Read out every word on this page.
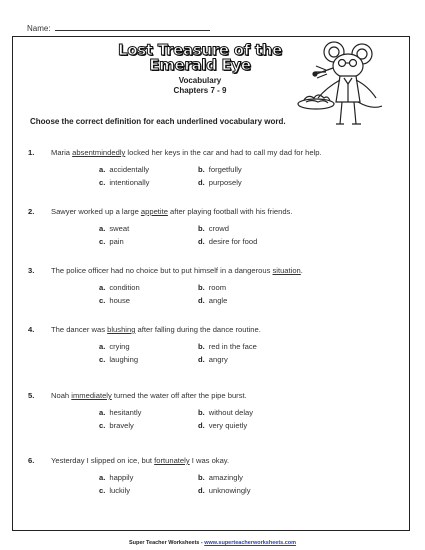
Name:
Lost Treasure of the
Emerald Eye
Vocabulary
Chapters 7 - 9
Choose the correct definition for each underlined vocabulary word.
1. Maria absentmindedly locked her keys in the car and had to call my dad for help.
a. accidentally	b. forgetfully
c. intentionally	d. purposely
2. Sawyer worked up a large appetite after playing football with his friends.
a. sweat	b. crowd
c. pain	d. desire for food
3. The police officer had no choice but to put himself in a dangerous situation.
a. condition	b. room
c. house	d. angle
4. The dancer was blushing after falling during the dance routine.
a. crying	b. red in the face
c. laughing	d. angry
5. Noah immediately turned the water off after the pipe burst.
a. hesitantly	b. without delay
c. bravely	d. very quietly
6. Yesterday I slipped on ice, but fortunately I was okay.
a. happily	b. amazingly
c. luckily	d. unknowingly
Super Teacher Worksheets - www.superteacherworksheets.com
